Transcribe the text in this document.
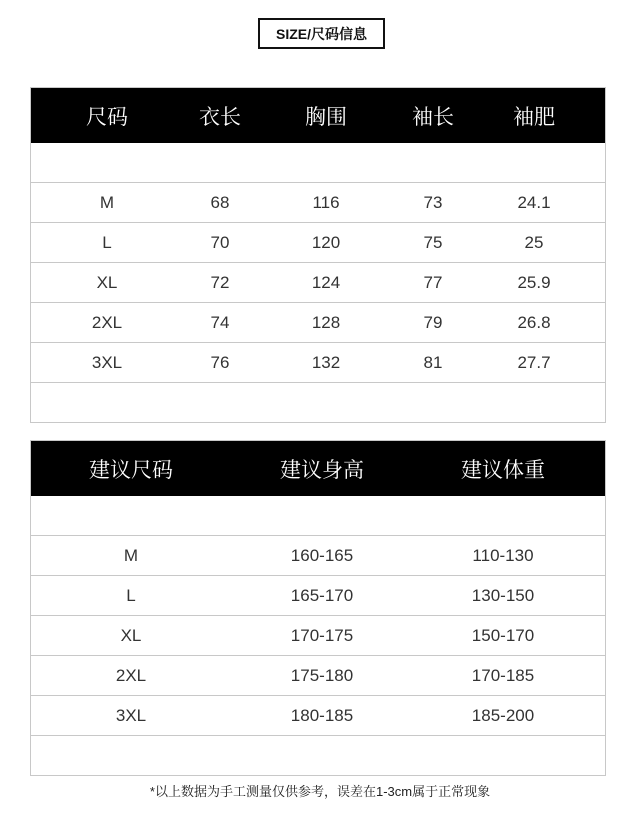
SIZE/尺码信息
尺码	衣长	胸围	袖长	袖肥
M	68	116	73	24.1
L	70	120	75	25
XL	72	124	77	25.9
2XL	74	128	79	26.8
3XL	76	132	81	27.7
建议尺码	建议身高	建议体重
M	160-165	110-130
L	165-170	130-150
XL	170-175	150-170
2XL	175-180	170-185
3XL	180-185	185-200
*以上数据为手工测量仅供参考，误差在1-3cm属于正常现象
